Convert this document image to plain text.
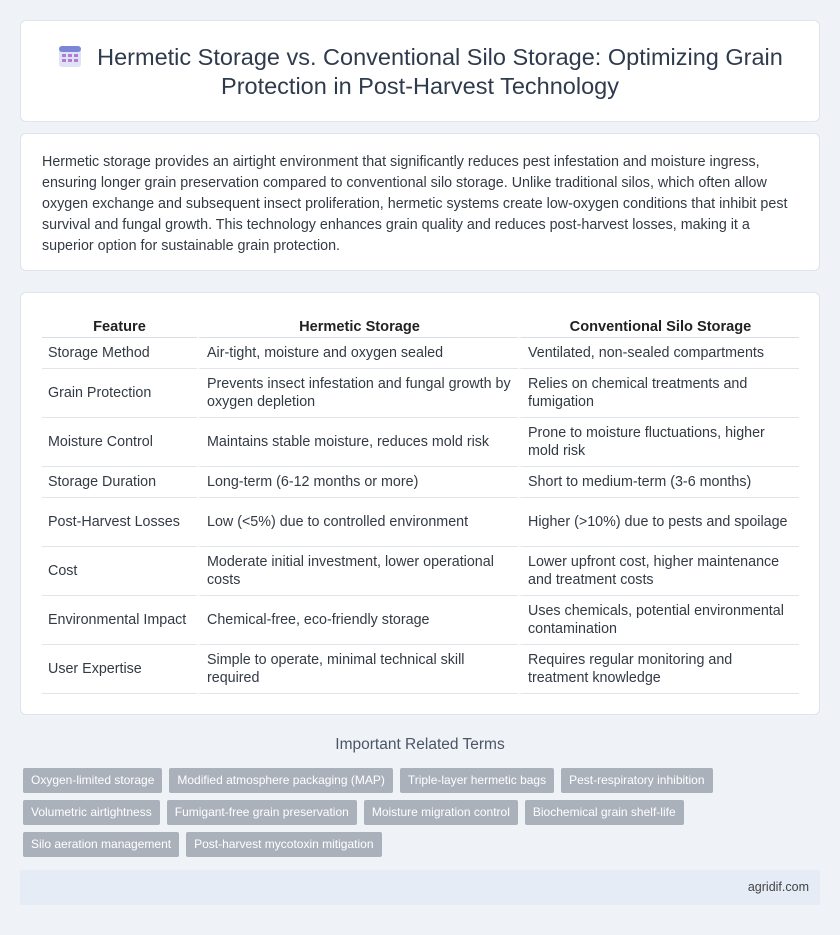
Hermetic Storage vs. Conventional Silo Storage: Optimizing Grain Protection in Post-Harvest Technology

Hermetic storage provides an airtight environment that significantly reduces pest infestation and moisture ingress, ensuring longer grain preservation compared to conventional silo storage. Unlike traditional silos, which often allow oxygen exchange and subsequent insect proliferation, hermetic systems create low-oxygen conditions that inhibit pest survival and fungal growth. This technology enhances grain quality and reduces post-harvest losses, making it a superior option for sustainable grain protection.

Feature	Hermetic Storage	Conventional Silo Storage
Storage Method	Air-tight, moisture and oxygen sealed	Ventilated, non-sealed compartments
Grain Protection	Prevents insect infestation and fungal growth by oxygen depletion	Relies on chemical treatments and fumigation
Moisture Control	Maintains stable moisture, reduces mold risk	Prone to moisture fluctuations, higher mold risk
Storage Duration	Long-term (6-12 months or more)	Short to medium-term (3-6 months)
Post-Harvest Losses	Low (<5%) due to controlled environment	Higher (>10%) due to pests and spoilage
Cost	Moderate initial investment, lower operational costs	Lower upfront cost, higher maintenance and treatment costs
Environmental Impact	Chemical-free, eco-friendly storage	Uses chemicals, potential environmental contamination
User Expertise	Simple to operate, minimal technical skill required	Requires regular monitoring and treatment knowledge
Important Related Terms
Oxygen-limited storage	Modified atmosphere packaging (MAP)	Triple-layer hermetic bags	Pest-respiratory inhibition
Volumetric airtightness	Fumigant-free grain preservation	Moisture migration control	Biochemical grain shelf-life
Silo aeration management	Post-harvest mycotoxin mitigation
agridif.com
